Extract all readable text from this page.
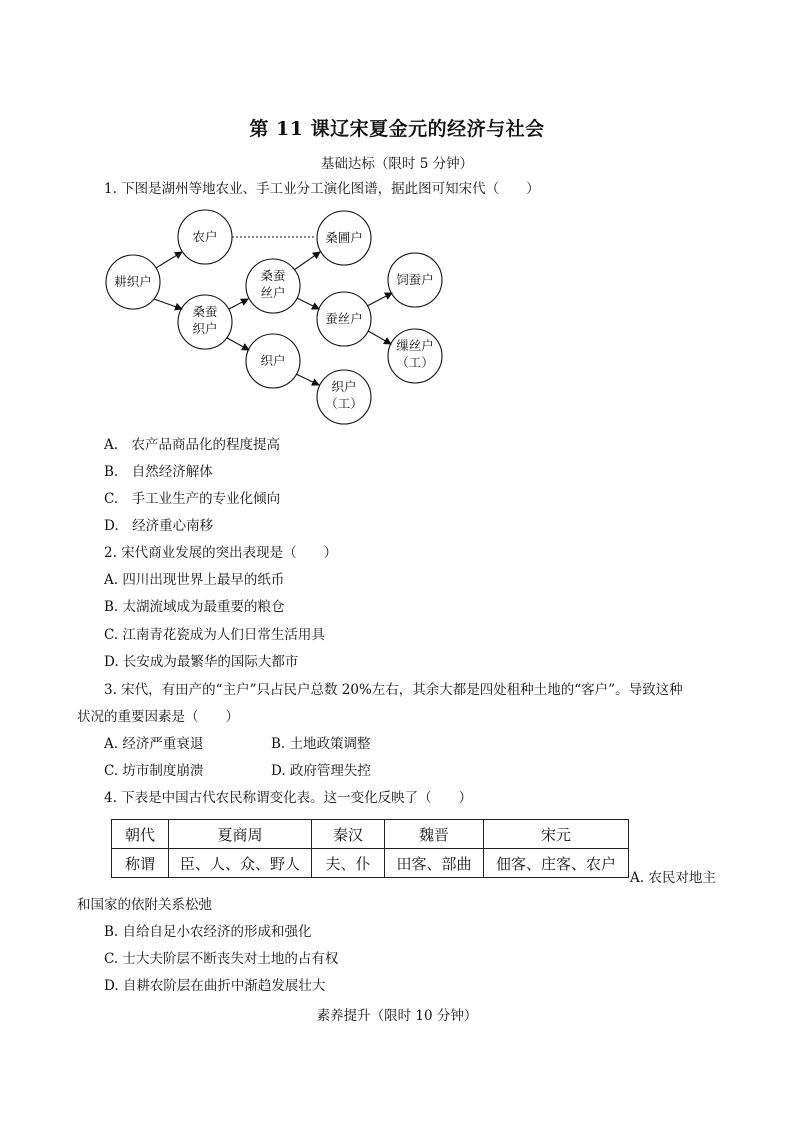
第 11 课辽宋夏金元的经济与社会
基础达标（限时 5 分钟）
1. 下图是湖州等地农业、手工业分工演化图谱，据此图可知宋代（　　）
耕织户
农户
桑蚕
织户
桑蚕
丝户
织户
桑圃户
蚕丝户
饲蚕户
缫丝户
（工）
织户
（工）
A.　农产品商品化的程度提高
B.　自然经济解体
C.　手工业生产的专业化倾向
D.　经济重心南移
2. 宋代商业发展的突出表现是（　　）
A. 四川出现世界上最早的纸币
B. 太湖流域成为最重要的粮仓
C. 江南青花瓷成为人们日常生活用具
D. 长安成为最繁华的国际大都市
3. 宋代，有田产的“主户”只占民户总数 20%左右，其余大都是四处租种土地的“客户”。导致这种
状况的重要因素是（　　）
A. 经济严重衰退	B. 土地政策调整
C. 坊市制度崩溃	D. 政府管理失控
4. 下表是中国古代农民称谓变化表。这一变化反映了（　　）
朝代	夏商周	秦汉	魏晋	宋元
称谓	臣、人、众、野人	夫、仆	田客、部曲	佃客、庄客、农户
A. 农民对地主
和国家的依附关系松弛
B. 自给自足小农经济的形成和强化
C. 士大夫阶层不断丧失对土地的占有权
D. 自耕农阶层在曲折中渐趋发展壮大
素养提升（限时 10 分钟）
